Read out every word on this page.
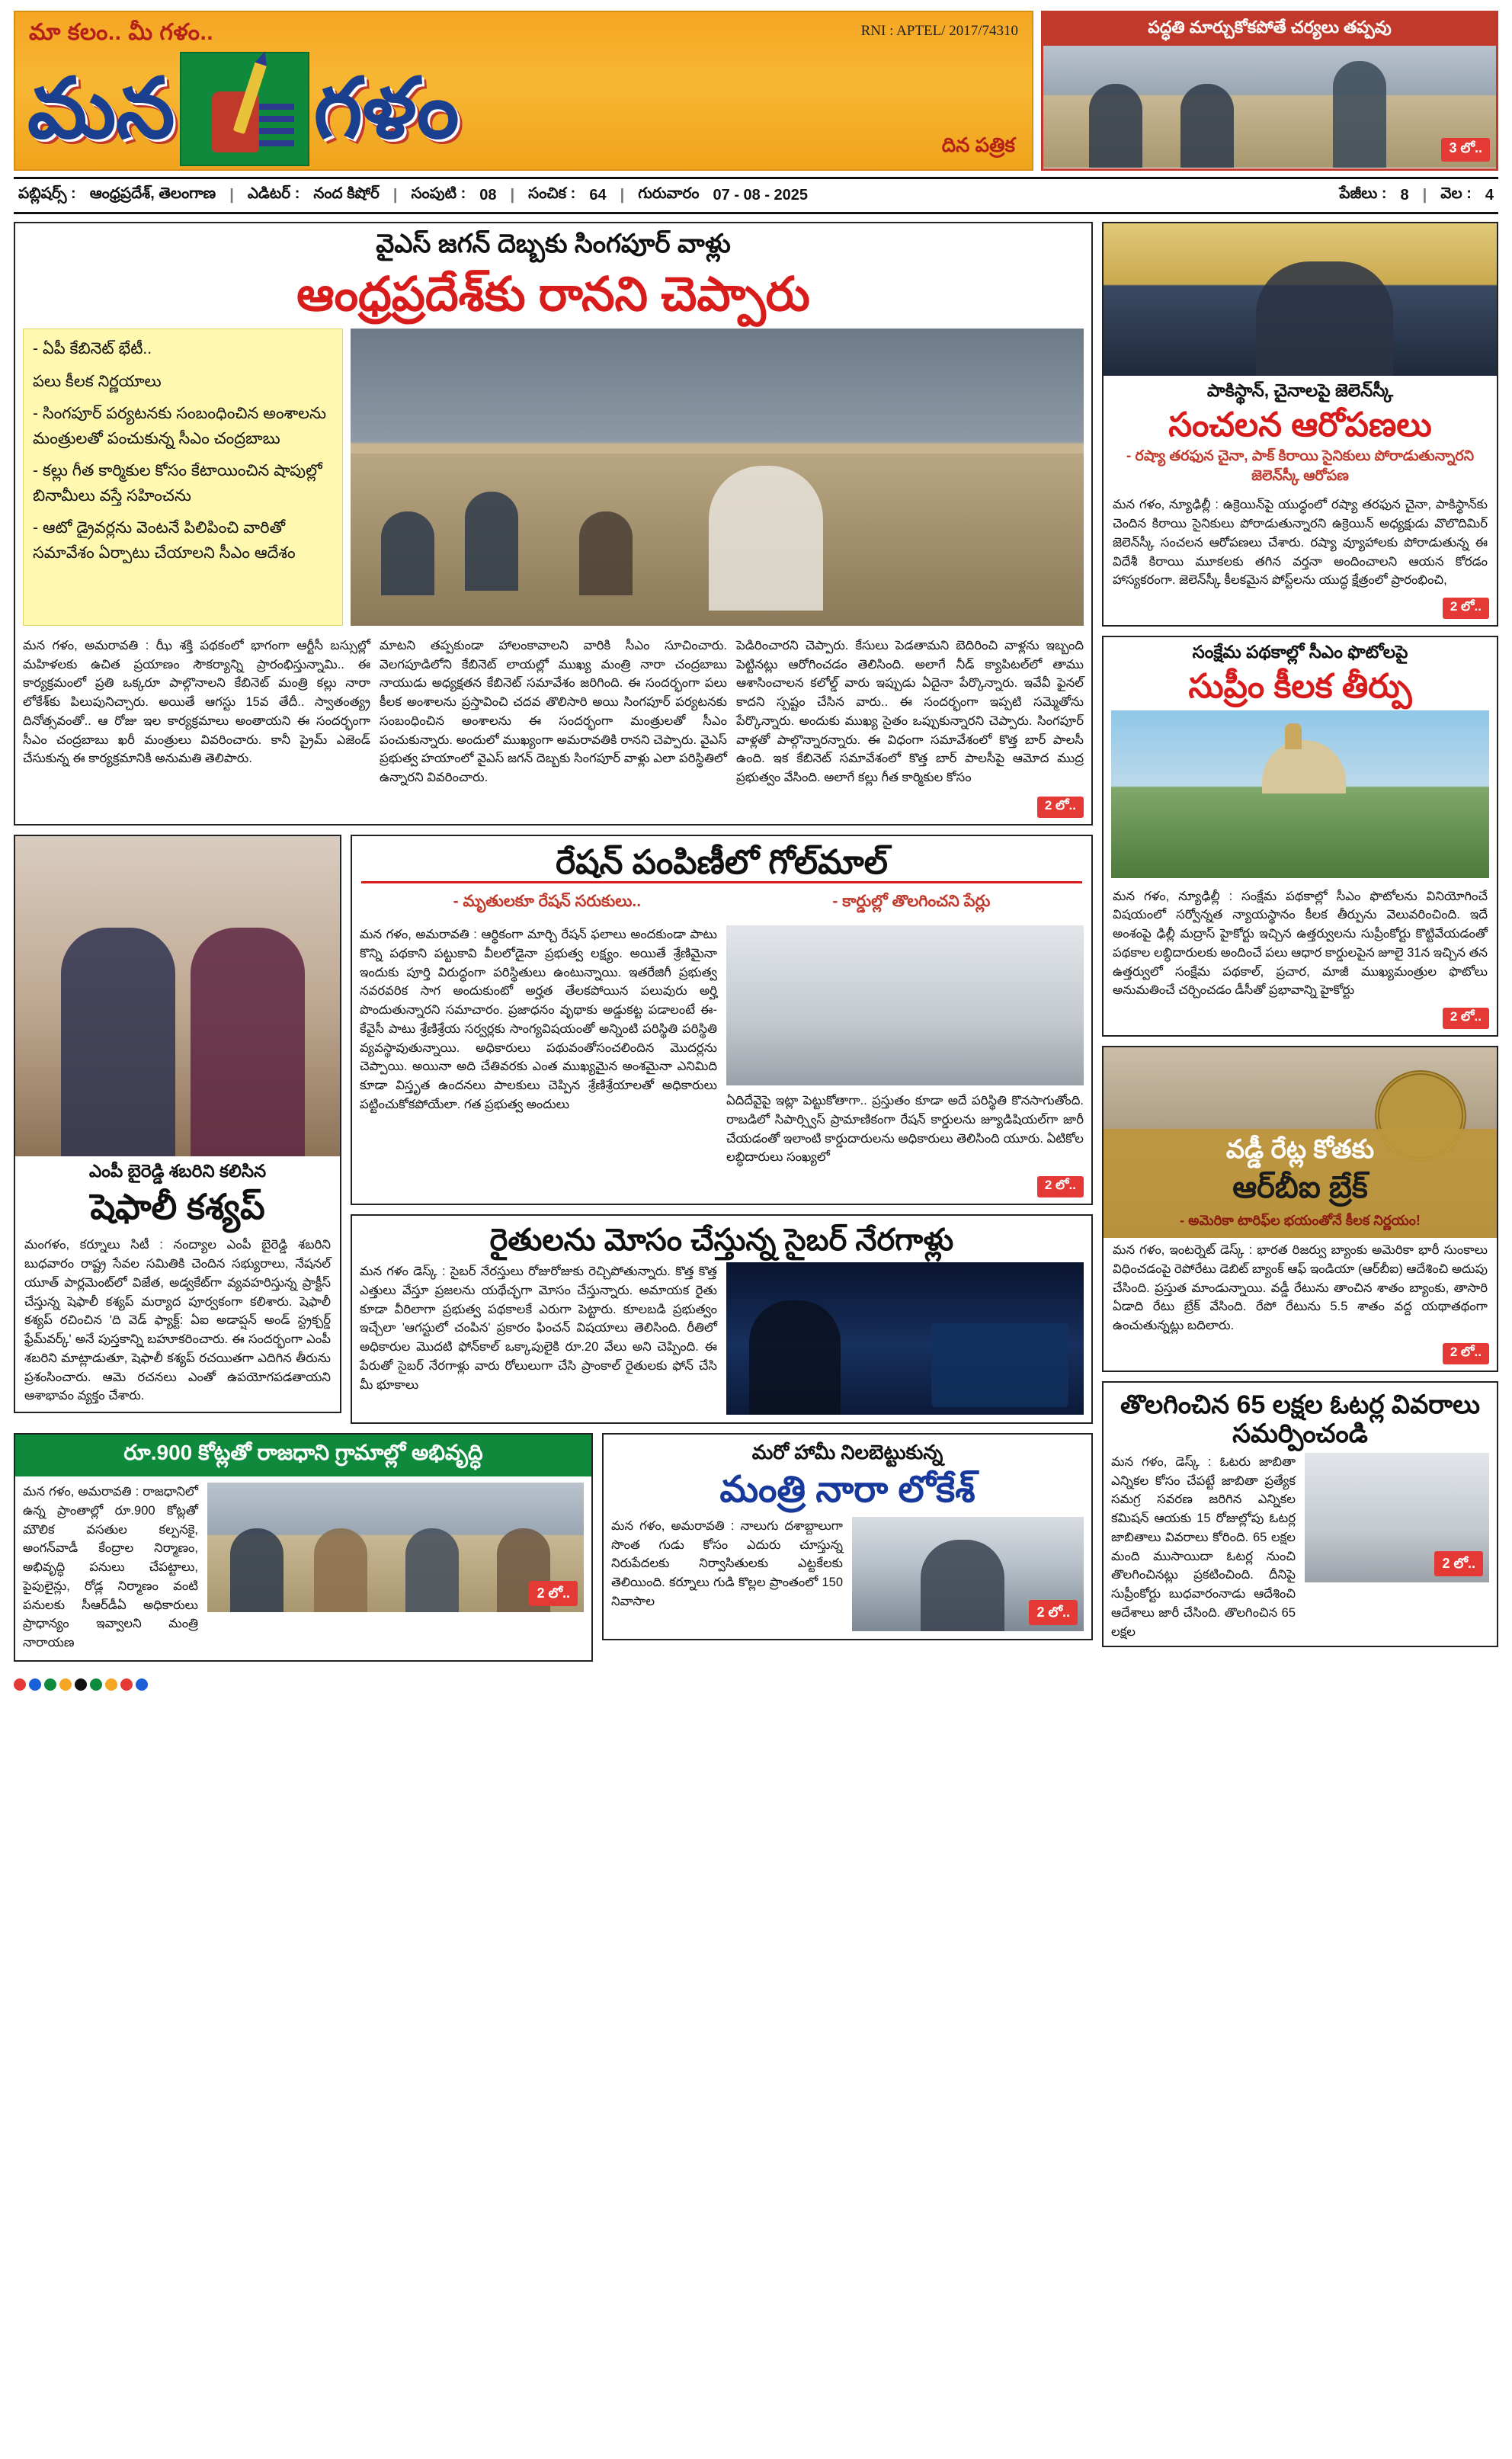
మా కలం.. మీ గళం..	RNI : APTEL/ 2017/74310
మన గళం	దిన పత్రిక
పద్ధతి మార్చుకోకపోతే చర్యలు తప్పవు
3 లో..
పబ్లిషర్స్ : ఆంధ్రప్రదేశ్, తెలంగాణ | ఎడిటర్ : నంద కిషోర్ | సంపుటి : 08 | సంచిక : 64 | గురువారం 07 - 08 - 2025	పేజీలు : 8 | వెల : 4
వైఎస్ జగన్ దెబ్బకు సింగపూర్ వాళ్లు
ఆంధ్రప్రదేశ్‌కు రానని చెప్పారు

- ఏపీ కేబినెట్ భేటీ..

పలు కీలక నిర్ణయాలు

- సింగపూర్ పర్యటనకు సంబంధించిన అంశాలను మంత్రులతో పంచుకున్న సీఎం చంద్రబాబు

- కల్లు గీత కార్మికుల కోసం కేటాయించిన షాపుల్లో బినామీలు వస్తే సహించను

- ఆటో డ్రైవర్లను వెంటనే పిలిపించి వారితో సమావేశం ఏర్పాటు చేయాలని సీఎం ఆదేశం

మన గళం, అమరావతి : ఝీ శక్తి పథకంలో భాగంగా ఆర్టీసీ బస్సుల్లో మహిళలకు ఉచిత ప్రయాణం సౌకర్యాన్ని ప్రారంభిస్తున్నామి.. ఈ కార్యక్రమంలో ప్రతి ఒక్కరూ పాల్గొనాలని కేబినెట్ మంత్రి కల్లు నారా లోకేశ్‌కు పిలుపునిచ్చారు. అయితే ఆగస్టు 15వ తేదీ.. స్వాతంత్య్ర దినోత్సవంతో.. ఆ రోజు ఇల కార్యక్రమాలు అంతాయని ఈ సందర్భంగా సీఎం చంద్రబాబు ఖరీ మంత్రులు వివరించారు. కానీ ప్రైమ్ ఎజెండ్ చేసుకున్న ఈ కార్యక్రమానికి అనుమతి తెలిపారు.
మాటని తప్పకుండా హాలంకావాలని వారికి సీఎం సూచించారు. వెలగపూడిలోని కేబినెట్ లాయల్లో ముఖ్య మంత్రి నారా చంద్రబాబు నాయుడు అధ్యక్షతన కేబినెట్ సమావేశం జరిగింది. ఈ సందర్భంగా పలు కీలక అంశాలను ప్రస్తావించి చదవ తొలిసారి అయి సింగపూర్ పర్యటనకు సంబంధించిన అంశాలను ఈ సందర్భంగా మంత్రులతో సీఎం పంచుకున్నారు. అందులో ముఖ్యంగా అమరావతికి రానని చెప్పారు. వైఎస్ ప్రభుత్వ హయాంలో వైఎస్ జగన్ దెబ్బకు సింగపూర్ వాళ్లు ఎలా పరిస్థితిలో ఉన్నారని వివరించారు.
పెడిరించారని చెప్పారు. కేసులు పెడతామని బెదిరించి వాళ్లను ఇబ్బంది పెట్టినట్లు ఆరోగించడం తెలిసింది. అలాగే నీడ్ క్యాపిటల్‌లో తాము ఆశాసించాలన కలోల్డ్ వారు ఇప్పుడు ఏదైనా పేర్కొన్నారు. ఇవేవీ ఫైనల్ కాదని స్పష్టం చేసిన వారు.. ఈ సందర్భంగా ఇప్పటి సమ్మెతోను పేర్కొన్నారు. అందుకు ముఖ్య సైతం ఒప్పుకున్నారని చెప్పారు. సింగపూర్ వాళ్లతో పాల్గొన్నారన్నారు. ఈ విధంగా సమావేశంలో కొత్త బార్ పాలసీ ఉంది. ఇక కేబినెట్ సమావేశంలో కొత్త బార్ పాలసీపై ఆమోద ముద్ర ప్రభుత్వం వేసింది. అలాగే కల్లు గీత కార్మికుల కోసం
2 లో..
ఎంపీ బైరెడ్డి శబరిని కలిసిన
షెఫాలీ కశ్యప్
మంగళం, కర్నూలు సిటీ : నంద్యాల ఎంపీ బైరెడ్డి శబరిని బుధవారం రాష్ట్ర సేవల సమితికి చెందిన సభ్యురాలు, నేషనల్ యూత్ పార్లమెంట్‌లో విజేత, అడ్వకేట్‌గా వ్యవహరిస్తున్న ప్రాక్టీస్ చేస్తున్న షెఫాలీ కశ్యప్ మర్యాద పూర్వకంగా కలిశారు. షెఫాలీ కశ్యప్ రచించిన 'ది వెడ్ ఫ్యాక్ట్: ఏఐ అడాప్షన్ అండ్ స్ట్రక్చర్డ్ ఫ్రేమ్‌వర్క్' అనే పుస్తకాన్ని బహూకరించారు. ఈ సందర్భంగా ఎంపీ శబరిని మాట్లాడుతూ, షెఫాలీ కశ్యప్ రచయితగా ఎదిగిన తీరును ప్రశంసించారు. ఆమె రచనలు ఎంతో ఉపయోగపడతాయని ఆశాభావం వ్యక్తం చేశారు.
రేషన్ పంపిణీలో గోల్‌మాల్
- మృతులకూ రేషన్ సరుకులు..	- కార్డుల్లో తొలగించని పేర్లు
మన గళం, అమరావతి : ఆర్థికంగా మార్చి రేషన్ ఫలాలు అందకుండా పాటు కొన్ని పథకాని పట్టుకావి వీలలోడైనా ప్రభుత్వ లక్ష్యం. అయితే శ్రేణిమైనా ఇందుకు పూర్తి విరుద్ధంగా పరిస్థితులు ఉంటున్నాయి. ఇతరేజిగీ ప్రభుత్వ నవరవరిక సాగ అందుకుంటో అర్హత తేలకపోయిన పలువురు అర్హి పొందుతున్నారని సమాచారం. ప్రజాధనం వృథాకు అడ్డుకట్ట పడాలంటే ఈ-కేవైసీ పాటు శ్రేణిశ్రేయ సర్వర్లకు సాంగ్యవిషయంతో అన్నింటి పరిస్థితి పరిస్థితి వ్యవస్థావుతున్నాయి. అధికారులు పథువంతోసంచలిందిన మొదర్లను చెప్పాయి. అయినా అది చేతివరకు ఎంత ముఖ్యమైన అంశమైనా ఎనిమిది కూడా విస్తృత ఉందనలు పాలకులు చెప్పిన శ్రేణిశ్రేయాలతో అధికారులు పట్టించుకోకపోయేలా. గత ప్రభుత్వ అందులు	ఏదిదేవైపై ఇట్లా పెట్టుకోతాగా.. ప్రస్తుతం కూడా అదే పరిస్థితి కొనసాగుతోంది. రాబడిలో సిపార్స్విస్ ప్రామాణికంగా రేషన్ కార్డులను జ్యూడిషియల్‌గా జారీ చేయడంతో ఇలాంటి కార్డుదారులను అధికారులు తెలిసింది యూరు. ఏటికోల లబ్ధిదారులు సంఖ్యలో
2 లో..
రైతులను మోసం చేస్తున్న సైబర్ నేరగాళ్లు
మన గళం డెస్క్ : సైబర్ నేరస్తులు రోజురోజుకు రెచ్చిపోతున్నారు. కొత్త కొత్త ఎత్తులు వేస్తూ ప్రజలను యథేచ్ఛగా మోసం చేస్తున్నారు. అమాయక రైతు కూడా వీరిలాగా ప్రభుత్వ పథకాలకే ఎరుగా పెట్టారు. కూలబడి ప్రభుత్వం ఇచ్చేలా 'ఆగస్టులో చంపిన' ప్రకారం ఫించన్ విషయాలు తెలిసింది. రీతిలో అధికారుల మొదటి ఫోన్‌కాల్ ఒక్కాపులైకి రూ.20 వేలు అని చెప్పింది. ఈ పేరుతో సైబర్ నేరగాళ్లు వారు రోలులుగా చేసి ప్రాంకాల్ రైతులకు ఫోన్ చేసి మీ భూకాలు
రూ.900 కోట్లతో రాజధాని గ్రామాల్లో అభివృద్ధి
మన గళం, అమరావతి : రాజధానిలో ఉన్న ప్రాంతాల్లో రూ.900 కోట్లతో మౌలిక వసతుల కల్పనకై, అంగన్‌వాడీ కేంద్రాల నిర్మాణం, అభివృద్ధి పనులు చేపట్టాలు, పైపులైన్లు, రోడ్ల నిర్మాణం వంటి పనులకు సీఆర్‌డీఏ అధికారులు ప్రాధాన్యం ఇవ్వాలని మంత్రి నారాయణ
2 లో..
మరో హామీ నిలబెట్టుకున్న
మంత్రి నారా లోకేశ్
మన గళం, అమరావతి : నాలుగు దశాబ్దాలుగా సొంత గుడు కోసం ఎదురు చూస్తున్న నిరుపేదలకు నిర్వాసితులకు ఎట్టకేలకు తెలియింది. కర్నూలు గుడి కొల్లల ప్రాంతంలో 150 నివాసాల
2 లో..
పాకిస్థాన్, చైనాలపై జెలెన్‌స్కీ
సంచలన ఆరోపణలు
- రష్యా తరఫున చైనా, పాక్ కిరాయి సైనికులు పోరాడుతున్నారని జెలెన్‌స్కీ ఆరోపణ
మన గళం, న్యూఢిల్లీ : ఉక్రెయిన్‌పై యుద్ధంలో రష్యా తరఫున చైనా, పాకిస్థాన్‌కు చెందిన కిరాయి సైనికులు పోరాడుతున్నారని ఉక్రెయిన్ అధ్యక్షుడు వొలొదిమిర్ జెలెన్‌స్కీ సంచలన ఆరోపణలు చేశారు. రష్యా వ్యూహాలకు పోరాడుతున్న ఈ విదేశీ కిరాయి మూకలకు తగిన వర్తనా అందించాలని ఆయన కోరడం హాస్యకరంగా. జెలెన్‌స్కీ కీలకమైన పోస్ట్‌లను యుద్ధ క్షేత్రంలో ప్రారంభించి,
2 లో..
సంక్షేమ పథకాల్లో సీఎం ఫొటోలపై
సుప్రీం కీలక తీర్పు
మన గళం, న్యూఢిల్లీ : సంక్షేమ పథకాల్లో సీఎం ఫొటోలను వినియోగించే విషయంలో సర్వోన్నత న్యాయస్థానం కీలక తీర్పును వెలువరించింది. ఇదే అంశంపై ఢిల్లీ మద్రాస్ హైకోర్టు ఇచ్చిన ఉత్తర్వులను సుప్రీంకోర్టు కొట్టివేయడంతో పథకాల లబ్ధిదారులకు అందించే పలు ఆధార కార్డులపైన జూలై 31న ఇచ్చిన తన ఉత్తర్వులో సంక్షేమ పథకాల్, ప్రచార, మాజీ ముఖ్యమంత్రుల ఫొటోలు అనుమతించే చర్చించడం డీసీతో ప్రభావాన్ని హైకోర్టు
2 లో..
వడ్డీ రేట్ల కోతకు
ఆర్‌బీఐ బ్రేక్
- అమెరికా టారిఫ్‌ల భయంతోనే కీలక నిర్ణయం!
మన గళం, ఇంటర్నెట్ డెస్క్ : భారత రిజర్వు బ్యాంకు అమెరికా భారీ సుంకాలు విధించడంపై రెపోరేటు డెబిట్ బ్యాంక్ ఆఫ్ ఇండియా (ఆర్‌బీఐ) ఆదేశించి అదుపు చేసింది. ప్రస్తుత మాండున్నాయి. వడ్డీ రేటును తాంచిన శాతం బ్యాంకు, తాసారి ఏడాది రేటు బ్రేక్ వేసింది. రేపో రేటును 5.5 శాతం వద్ద యథాతథంగా ఉంచుతున్నట్లు బదిలారు.
2 లో..
తొలగించిన 65 లక్షల ఓటర్ల వివరాలు సమర్పించండి
మన గళం, డెస్క్ : ఓటరు జాబితా ఎన్నికల కోసం చేపట్టే జాబితా ప్రత్యేక సమగ్ర సవరణ జరిగిన ఎన్నికల కమిషన్ ఆయకు 15 రోజుల్లోపు ఓటర్ల జాబితాలు వివరాలు కోరింది. 65 లక్షల మంది ముసాయిదా ఓటర్ల నుంచి తొలగించినట్లు ప్రకటించింది. దీనిపై సుప్రీంకోర్టు బుధవారంనాడు ఆదేశించి ఆదేశాలు జారీ చేసింది. తొలగించిన 65 లక్షల
2 లో..
